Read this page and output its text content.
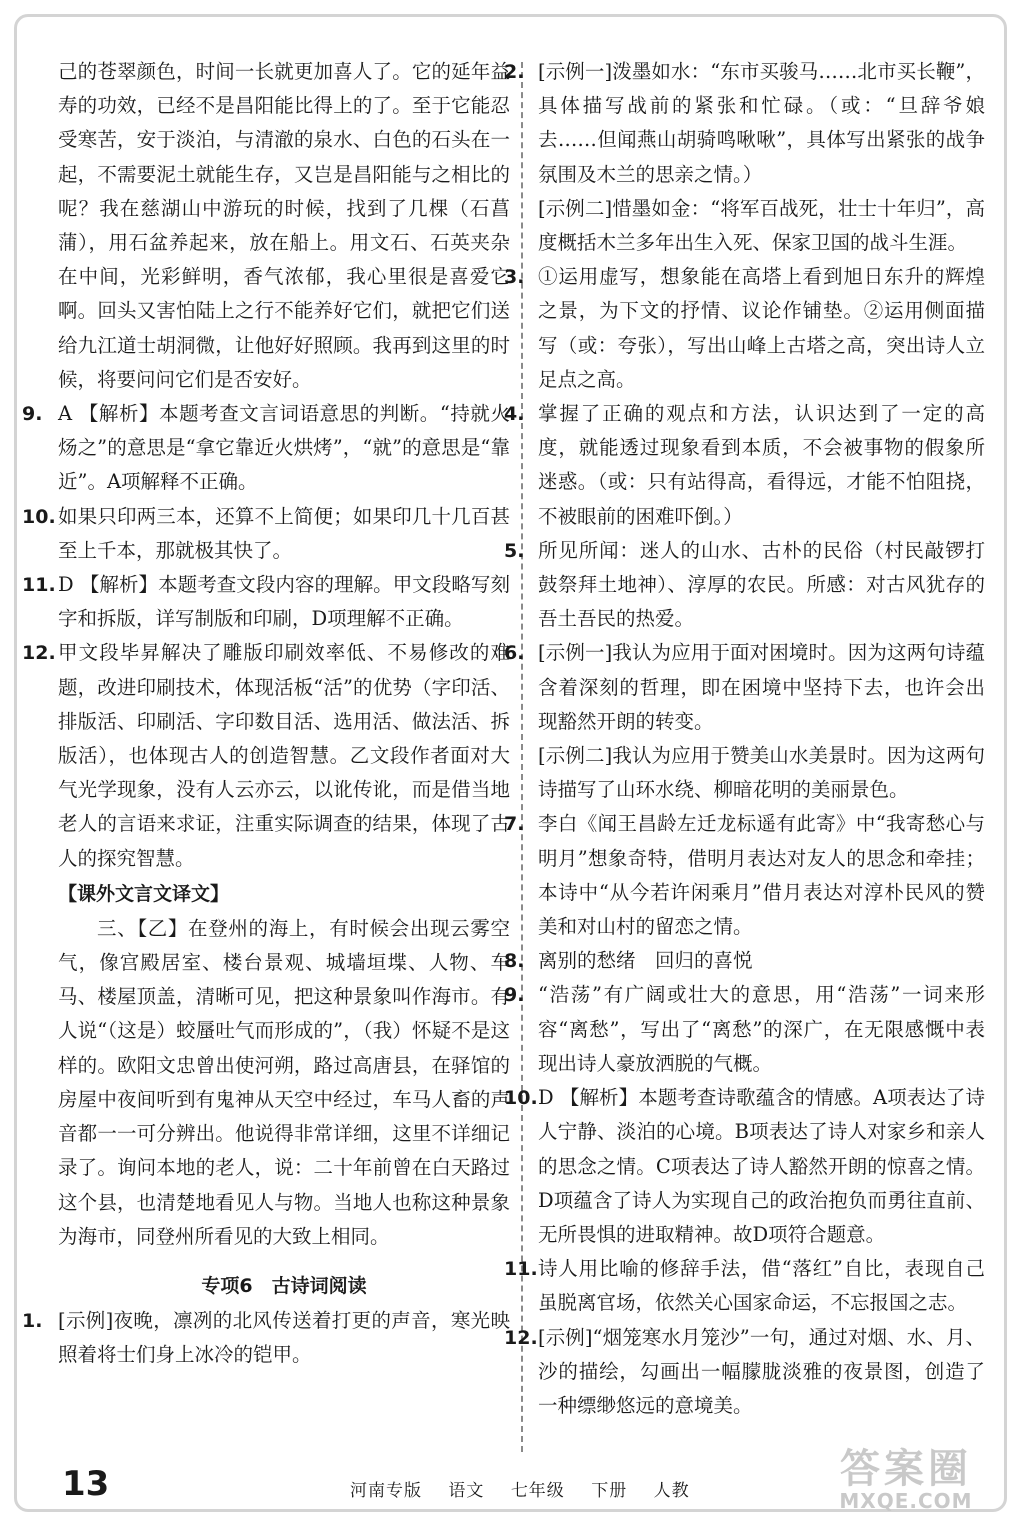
己的苍翠颜色，时间一长就更加喜人了。它的延年益寿的功效，已经不是昌阳能比得上的了。至于它能忍受寒苦，安于淡泊，与清澈的泉水、白色的石头在一起，不需要泥土就能生存，又岂是昌阳能与之相比的呢？我在慈湖山中游玩的时候，找到了几棵（石菖蒲），用石盆养起来，放在船上。用文石、石英夹杂在中间，光彩鲜明，香气浓郁，我心里很是喜爱它啊。回头又害怕陆上之行不能养好它们，就把它们送给九江道士胡洞微，让他好好照顾。我再到这里的时候，将要问问它们是否安好。

9. A 【解析】本题考查文言词语意思的判断。“持就火炀之”的意思是“拿它靠近火烘烤”，“就”的意思是“靠近”。A项解释不正确。

10. 如果只印两三本，还算不上简便；如果印几十几百甚至上千本，那就极其快了。

11. D 【解析】本题考查文段内容的理解。甲文段略写刻字和拆版，详写制版和印刷，D项理解不正确。

12. 甲文段毕昇解决了雕版印刷效率低、不易修改的难题，改进印刷技术，体现活板“活”的优势（字印活、排版活、印刷活、字印数目活、选用活、做法活、拆版活），也体现古人的创造智慧。乙文段作者面对大气光学现象，没有人云亦云，以讹传讹，而是借当地老人的言语来求证，注重实际调查的结果，体现了古人的探究智慧。

【课外文言文译文】

三、【乙】在登州的海上，有时候会出现云雾空气，像宫殿居室、楼台景观、城墙垣堞、人物、车马、楼屋顶盖，清晰可见，把这种景象叫作海市。有人说“（这是）蛟蜃吐气而形成的”，（我）怀疑不是这样的。欧阳文忠曾出使河朔，路过高唐县，在驿馆的房屋中夜间听到有鬼神从天空中经过，车马人畜的声音都一一可分辨出。他说得非常详细，这里不详细记录了。询问本地的老人，说：二十年前曾在白天路过这个县，也清楚地看见人与物。当地人也称这种景象为海市，同登州所看见的大致上相同。

专项6　古诗词阅读

1. [示例]夜晚，凛冽的北风传送着打更的声音，寒光映照着将士们身上冰冷的铠甲。

2. [示例一]泼墨如水：“东市买骏马……北市买长鞭”，具体描写战前的紧张和忙碌。（或：“旦辞爷娘去……但闻燕山胡骑鸣啾啾”，具体写出紧张的战争氛围及木兰的思亲之情。）

[示例二]惜墨如金：“将军百战死，壮士十年归”，高度概括木兰多年出生入死、保家卫国的战斗生涯。

3. ①运用虚写，想象能在高塔上看到旭日东升的辉煌之景，为下文的抒情、议论作铺垫。②运用侧面描写（或：夸张），写出山峰上古塔之高，突出诗人立足点之高。

4. 掌握了正确的观点和方法，认识达到了一定的高度，就能透过现象看到本质，不会被事物的假象所迷惑。（或：只有站得高，看得远，才能不怕阻挠，不被眼前的困难吓倒。）

5. 所见所闻：迷人的山水、古朴的民俗（村民敲锣打鼓祭拜土地神）、淳厚的农民。所感：对古风犹存的吾土吾民的热爱。

6. [示例一]我认为应用于面对困境时。因为这两句诗蕴含着深刻的哲理，即在困境中坚持下去，也许会出现豁然开朗的转变。

[示例二]我认为应用于赞美山水美景时。因为这两句诗描写了山环水绕、柳暗花明的美丽景色。

7. 李白《闻王昌龄左迁龙标遥有此寄》中“我寄愁心与明月”想象奇特，借明月表达对友人的思念和牵挂；本诗中“从今若许闲乘月”借月表达对淳朴民风的赞美和对山村的留恋之情。

8. 离别的愁绪　回归的喜悦

9. “浩荡”有广阔或壮大的意思，用“浩荡”一词来形容“离愁”，写出了“离愁”的深广，在无限感慨中表现出诗人豪放洒脱的气概。

10. D 【解析】本题考查诗歌蕴含的情感。A项表达了诗人宁静、淡泊的心境。B项表达了诗人对家乡和亲人的思念之情。C项表达了诗人豁然开朗的惊喜之情。D项蕴含了诗人为实现自己的政治抱负而勇往直前、无所畏惧的进取精神。故D项符合题意。

11. 诗人用比喻的修辞手法，借“落红”自比，表现自己虽脱离官场，依然关心国家命运，不忘报国之志。

12. [示例]“烟笼寒水月笼沙”一句，通过对烟、水、月、沙的描绘，勾画出一幅朦胧淡雅的夜景图，创造了一种缥缈悠远的意境美。

13	河南专版 语文 七年级 下册 人教	答案圈
MXQE.COM
